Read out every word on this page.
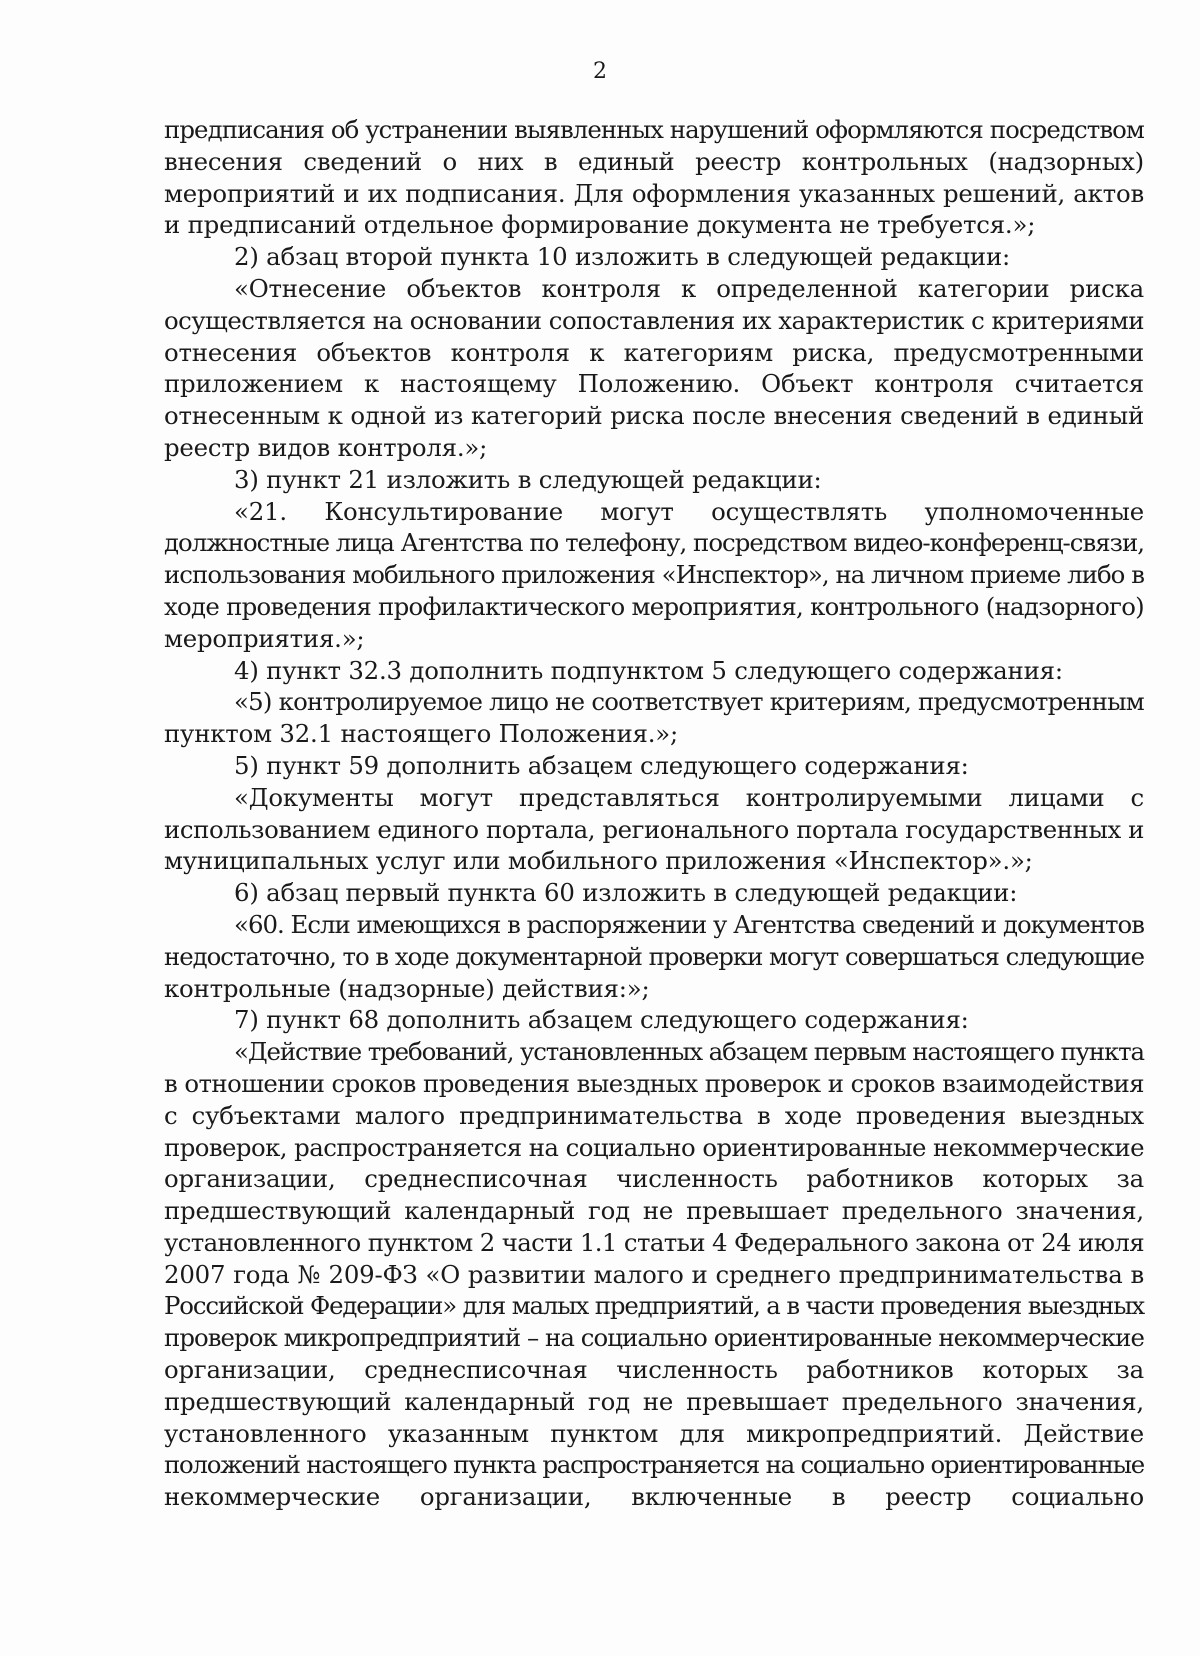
2
предписания об устранении выявленных нарушений оформляются посредством
внесения сведений о них в единый реестр контрольных (надзорных)
мероприятий и их подписания. Для оформления указанных решений, актов
и предписаний отдельное формирование документа не требуется.»;
2) абзац второй пункта 10 изложить в следующей редакции:
«Отнесение объектов контроля к определенной категории риска
осуществляется на основании сопоставления их характеристик с критериями
отнесения объектов контроля к категориям риска, предусмотренными
приложением к настоящему Положению. Объект контроля считается
отнесенным к одной из категорий риска после внесения сведений в единый
реестр видов контроля.»;
3) пункт 21 изложить в следующей редакции:
«21. Консультирование могут осуществлять уполномоченные
должностные лица Агентства по телефону, посредством видео-конференц-связи,
использования мобильного приложения «Инспектор», на личном приеме либо в
ходе проведения профилактического мероприятия, контрольного (надзорного)
мероприятия.»;
4) пункт 32.3 дополнить подпунктом 5 следующего содержания:
«5) контролируемое лицо не соответствует критериям, предусмотренным
пунктом 32.1 настоящего Положения.»;
5) пункт 59 дополнить абзацем следующего содержания:
«Документы могут представляться контролируемыми лицами с
использованием единого портала, регионального портала государственных и
муниципальных услуг или мобильного приложения «Инспектор».»;
6) абзац первый пункта 60 изложить в следующей редакции:
«60. Если имеющихся в распоряжении у Агентства сведений и документов
недостаточно, то в ходе документарной проверки могут совершаться следующие
контрольные (надзорные) действия:»;
7) пункт 68 дополнить абзацем следующего содержания:
«Действие требований, установленных абзацем первым настоящего пункта
в отношении сроков проведения выездных проверок и сроков взаимодействия
с субъектами малого предпринимательства в ходе проведения выездных
проверок, распространяется на социально ориентированные некоммерческие
организации, среднесписочная численность работников которых за
предшествующий календарный год не превышает предельного значения,
установленного пунктом 2 части 1.1 статьи 4 Федерального закона от 24 июля
2007 года № 209-ФЗ «О развитии малого и среднего предпринимательства в
Российской Федерации» для малых предприятий, а в части проведения выездных
проверок микропредприятий – на социально ориентированные некоммерческие
организации, среднесписочная численность работников которых за
предшествующий календарный год не превышает предельного значения,
установленного указанным пунктом для микропредприятий. Действие
положений настоящего пункта распространяется на социально ориентированные
некоммерческие организации, включенные в реестр социально
